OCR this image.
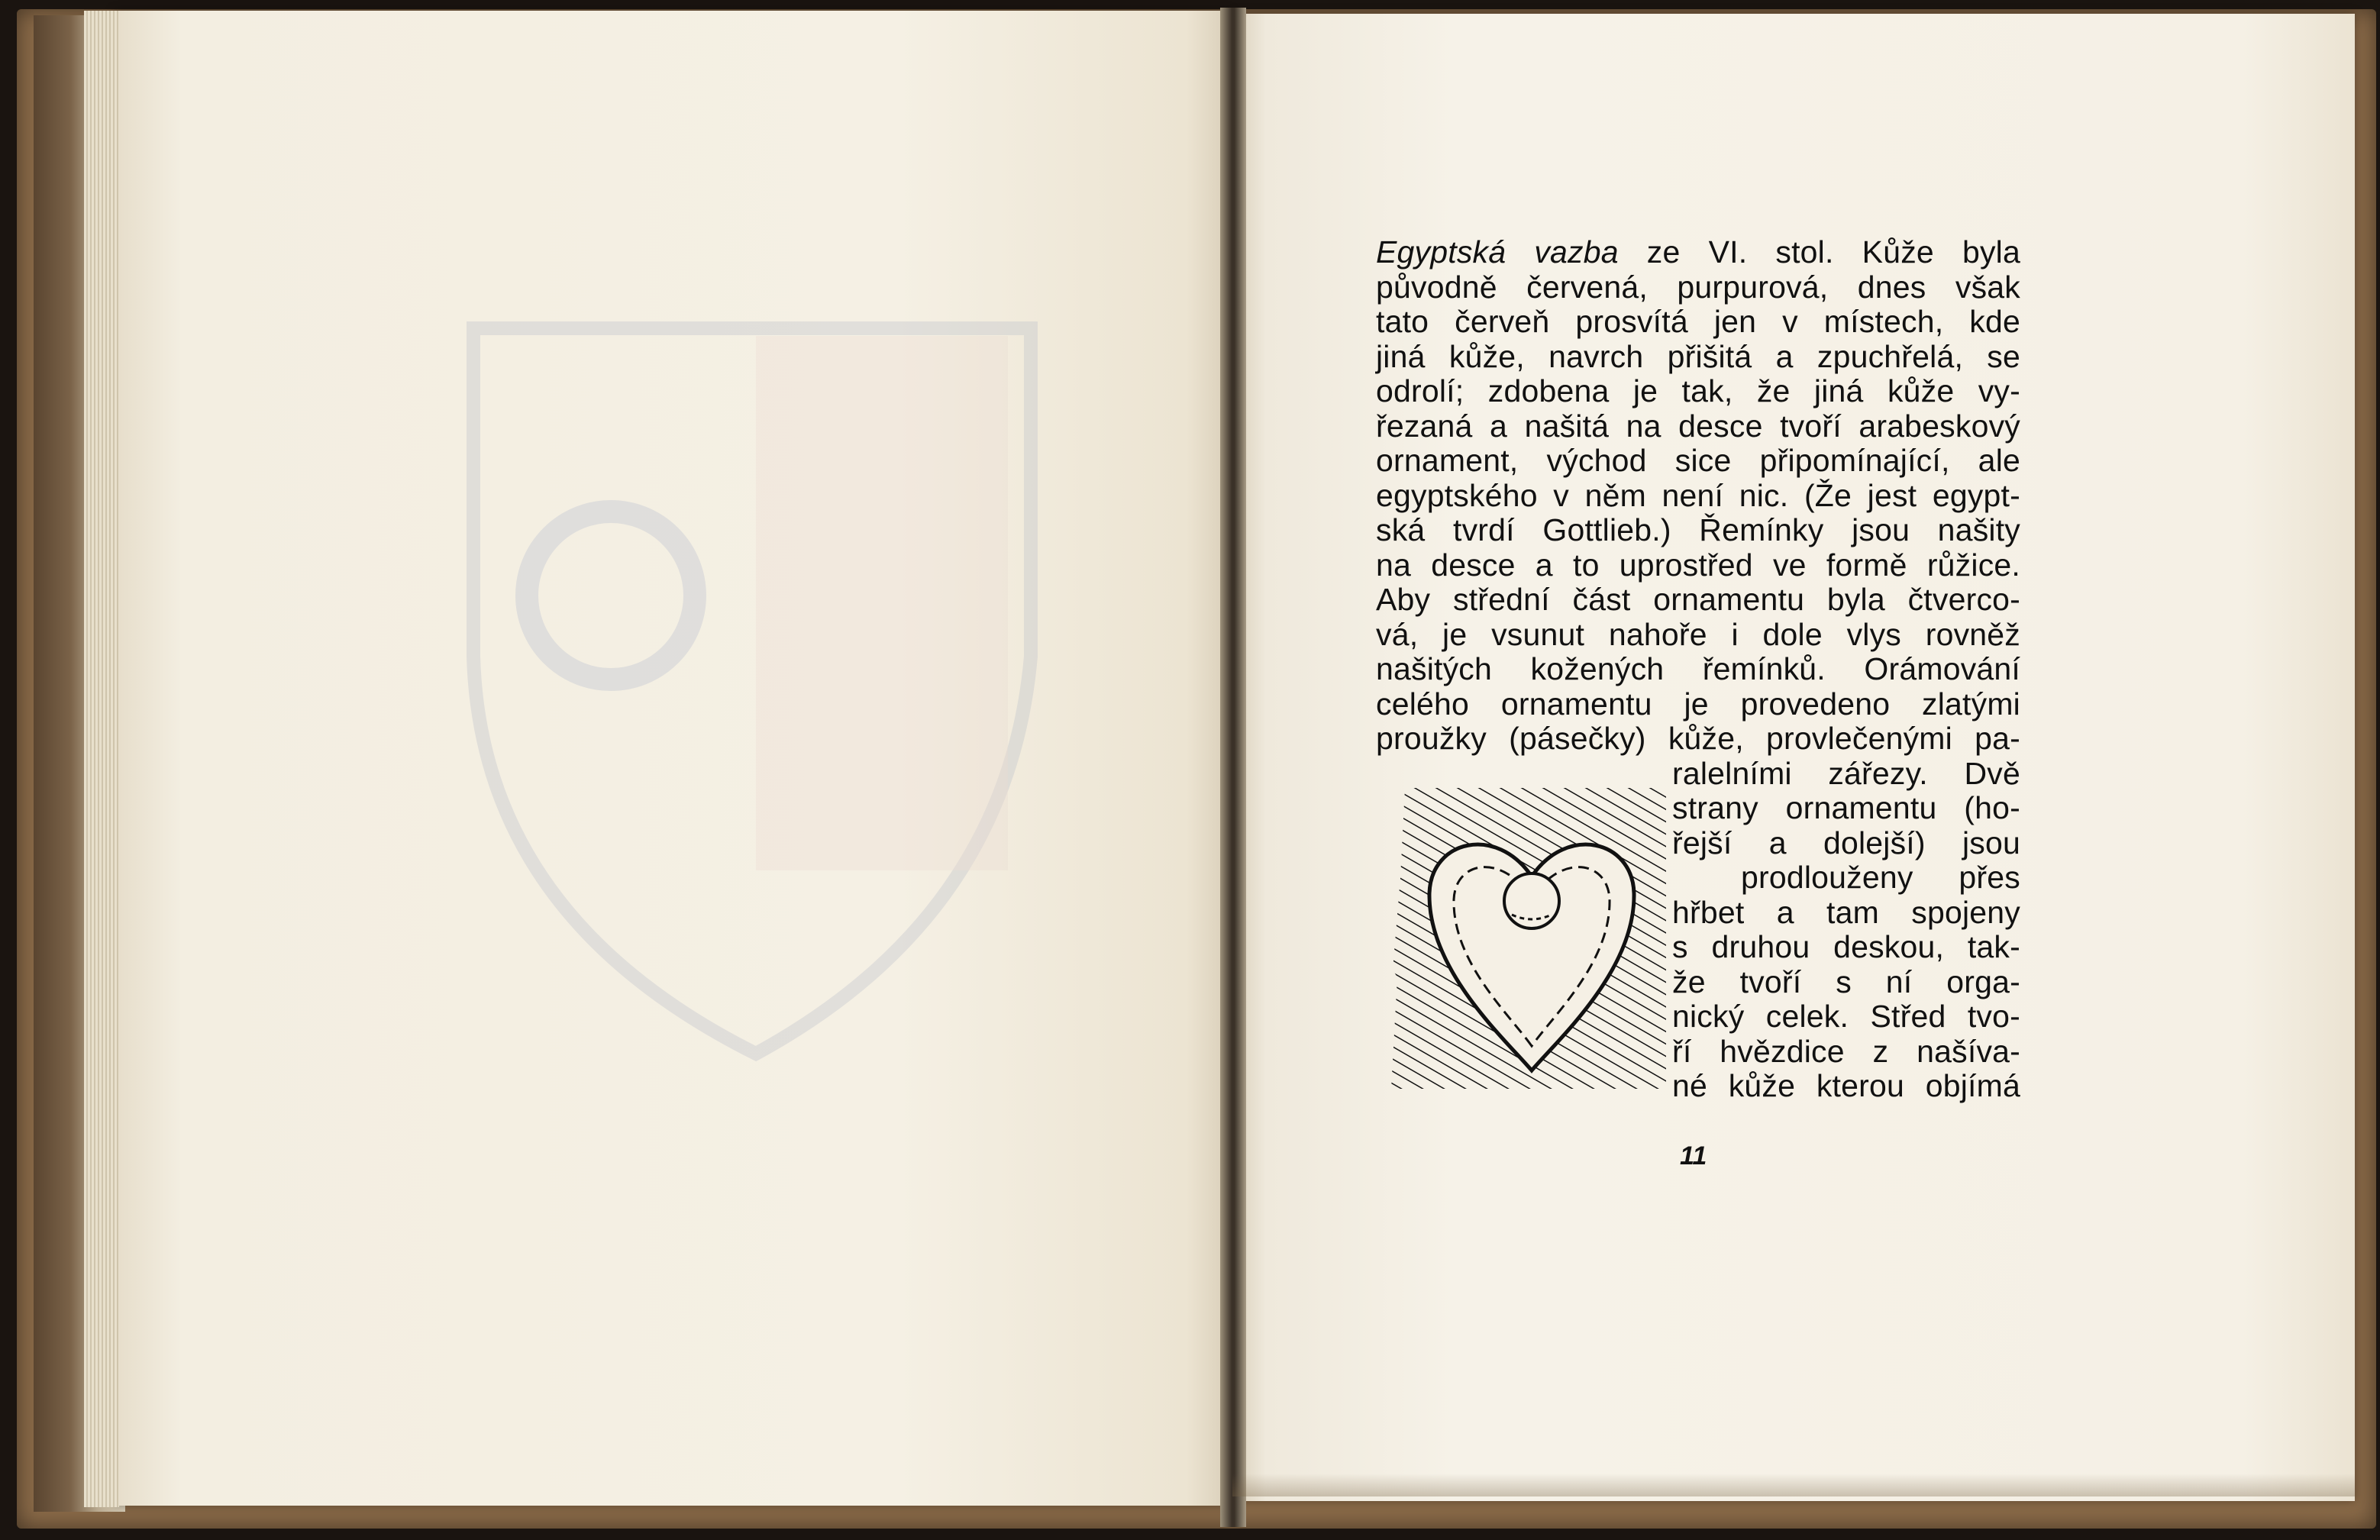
Egyptská vazba ze VI. stol. Kůže byla
původně červená, purpurová, dnes však
tato červeň prosvítá jen v místech, kde
jiná kůže, navrch přišitá a zpuchřelá, se
odrolí; zdobena je tak, že jiná kůže vy-
řezaná a našitá na desce tvoří arabeskový
ornament, východ sice připomínající, ale
egyptského v něm není nic. (Že jest egypt-
ská tvrdí Gottlieb.) Řemínky jsou našity
na desce a to uprostřed ve formě růžice.
Aby střední část ornamentu byla čtverco-
vá, je vsunut nahoře i dole vlys rovněž
našitých kožených řemínků. Orámování
celého ornamentu je provedeno zlatými
proužky (pásečky) kůže, provlečenými pa-
ralelními zářezy. Dvě
strany ornamentu (ho-
řejší a dolejší) jsou
prodlouženy přes
hřbet a tam spojeny
s druhou deskou, tak-
že tvoří s ní orga-
nický celek. Střed tvo-
ří hvězdice z našíva-
né kůže kterou objímá
11
